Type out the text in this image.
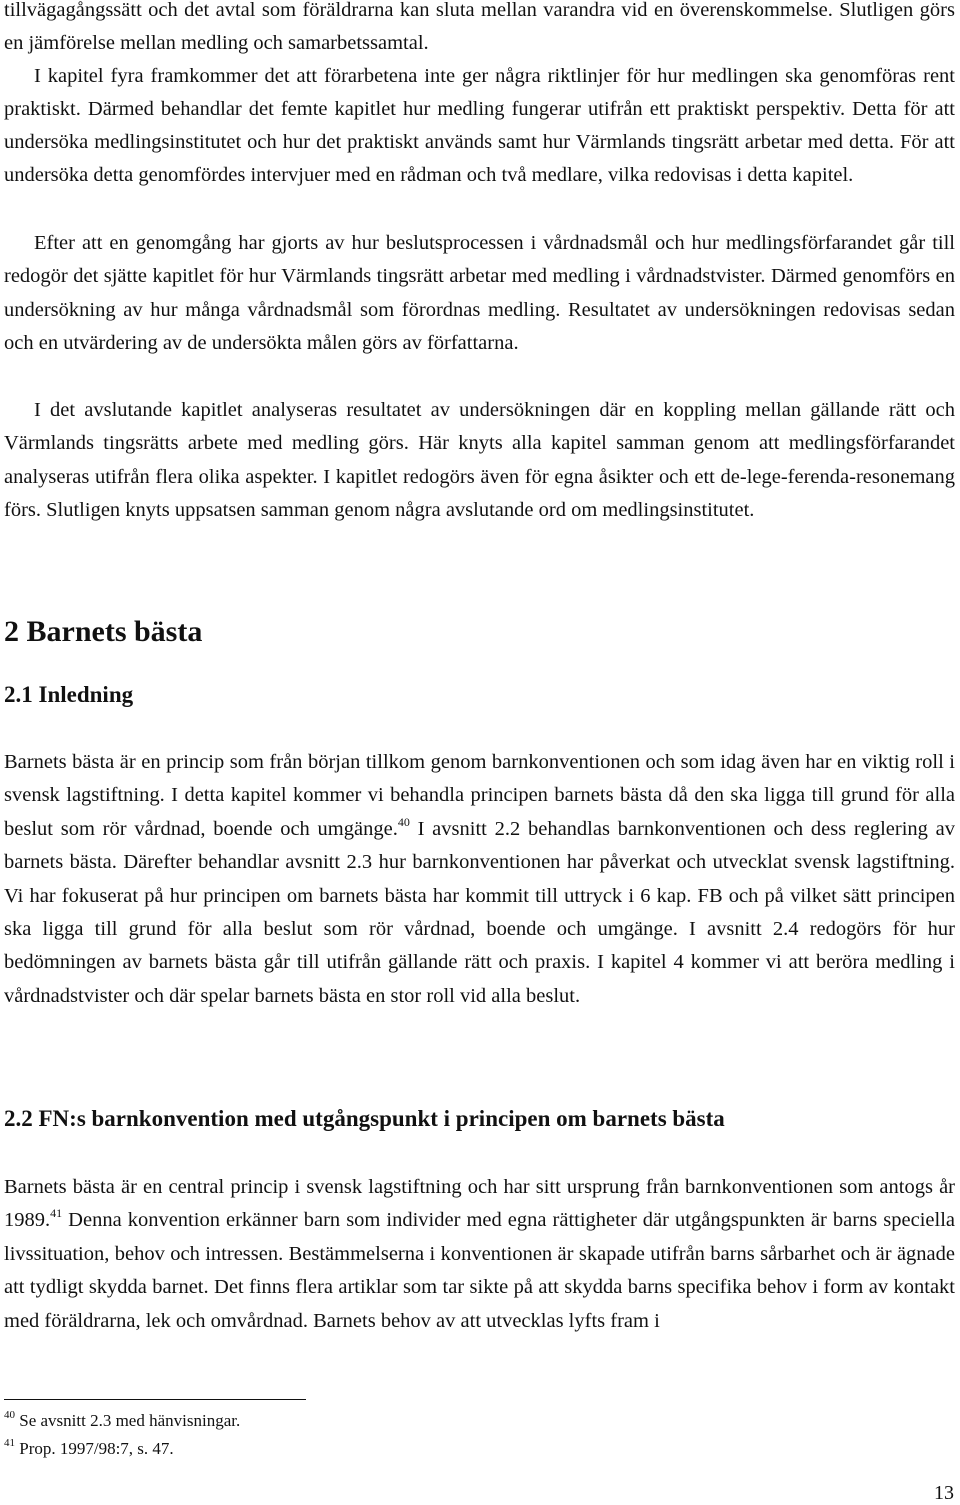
tillvägagångssätt och det avtal som föräldrarna kan sluta mellan varandra vid en överenskommelse. Slutligen görs en jämförelse mellan medling och samarbetssamtal.

I kapitel fyra framkommer det att förarbetena inte ger några riktlinjer för hur medlingen ska genomföras rent praktiskt. Därmed behandlar det femte kapitlet hur medling fungerar utifrån ett praktiskt perspektiv. Detta för att undersöka medlingsinstitutet och hur det praktiskt används samt hur Värmlands tingsrätt arbetar med detta. För att undersöka detta genomfördes intervjuer med en rådman och två medlare, vilka redovisas i detta kapitel.

Efter att en genomgång har gjorts av hur beslutsprocessen i vårdnadsmål och hur medlingsförfarandet går till redogör det sjätte kapitlet för hur Värmlands tingsrätt arbetar med medling i vårdnadstvister. Därmed genomförs en undersökning av hur många vårdnadsmål som förordnas medling. Resultatet av undersökningen redovisas sedan och en utvärdering av de undersökta målen görs av författarna.

I det avslutande kapitlet analyseras resultatet av undersökningen där en koppling mellan gällande rätt och Värmlands tingsrätts arbete med medling görs. Här knyts alla kapitel samman genom att medlingsförfarandet analyseras utifrån flera olika aspekter. I kapitlet redogörs även för egna åsikter och ett de-lege-ferenda-resonemang förs. Slutligen knyts uppsatsen samman genom några avslutande ord om medlingsinstitutet.

2 Barnets bästa
2.1 Inledning

Barnets bästa är en princip som från början tillkom genom barnkonventionen och som idag även har en viktig roll i svensk lagstiftning. I detta kapitel kommer vi behandla principen barnets bästa då den ska ligga till grund för alla beslut som rör vårdnad, boende och umgänge.$^{40}$ I avsnitt 2.2 behandlas barnkonventionen och dess reglering av barnets bästa. Därefter behandlar avsnitt 2.3 hur barnkonventionen har påverkat och utvecklat svensk lagstiftning. Vi har fokuserat på hur principen om barnets bästa har kommit till uttryck i 6 kap. FB och på vilket sätt principen ska ligga till grund för alla beslut som rör vårdnad, boende och umgänge. I avsnitt 2.4 redogörs för hur bedömningen av barnets bästa går till utifrån gällande rätt och praxis. I kapitel 4 kommer vi att beröra medling i vårdnadstvister och där spelar barnets bästa en stor roll vid alla beslut.

2.2 FN:s barnkonvention med utgångspunkt i principen om barnets bästa

Barnets bästa är en central princip i svensk lagstiftning och har sitt ursprung från barnkonventionen som antogs år 1989.41 Denna konvention erkänner barn som individer med egna rättigheter där utgångspunkten är barns speciella livssituation, behov och intressen. Bestämmelserna i konventionen är skapade utifrån barns sårbarhet och är ägnade att tydligt skydda barnet. Det finns flera artiklar som tar sikte på att skydda barns specifika behov i form av kontakt med föräldrarna, lek och omvårdnad. Barnets behov av att utvecklas lyfts fram i

$^{40}$ Se avsnitt 2.3 med hänvisningar.

$^{41}$ Prop. 1997/98:7, s. 47.

13
